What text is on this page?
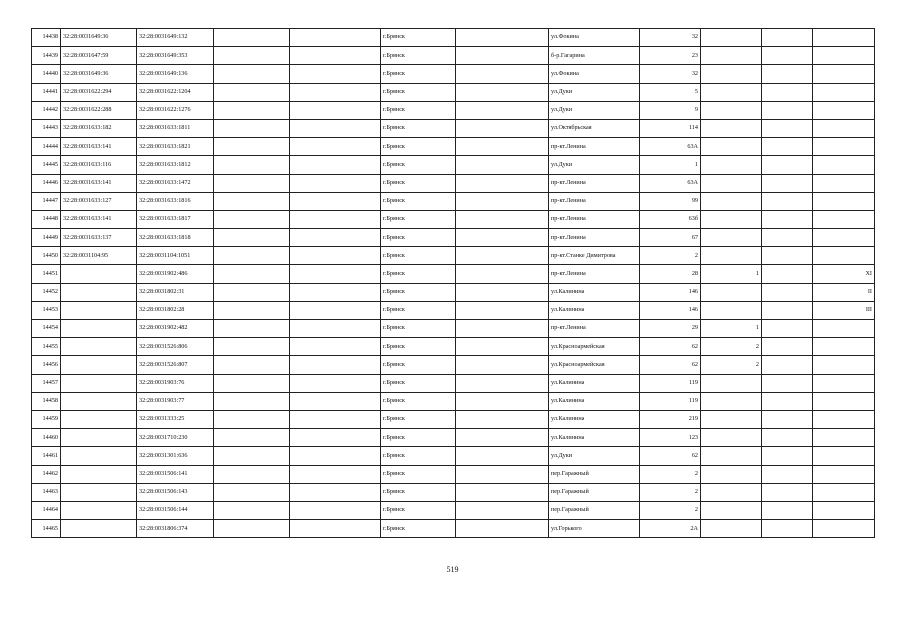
14438	32:28:0031649:36	32:28:0031649:132			г.Брянск		ул.Фокина	32			
14439	32:28:0031647:59	32:28:0031649:353			г.Брянск		б-р.Гагарина	23			
14440	32:28:0031649:36	32:28:0031649:136			г.Брянск		ул.Фокина	32			
14441	32:28:0031622:294	32:28:0031622:1204			г.Брянск		ул.Дуки	5			
14442	32:28:0031622:288	32:28:0031622:1276			г.Брянск		ул.Дуки	9			
14443	32:28:0031633:182	32:28:0031633:1811			г.Брянск		ул.Октябрьская	114			
14444	32:28:0031633:141	32:28:0031633:1821			г.Брянск		пр-кт.Ленина	63А			
14445	32:28:0031633:116	32:28:0031633:1812			г.Брянск		ул.Дуки	1			
14446	32:28:0031633:141	32:28:0031633:1472			г.Брянск		пр-кт.Ленина	63А			
14447	32:28:0031633:127	32:28:0031633:1816			г.Брянск		пр-кт.Ленина	99			
14448	32:28:0031633:141	32:28:0031633:1817			г.Брянск		пр-кт.Ленина	63б			
14449	32:28:0031633:137	32:28:0031633:1818			г.Брянск		пр-кт.Ленина	67			
14450	32:28:0031104:95	32:28:0031104:1051			г.Брянск		пр-кт.Станке Димитрова	2			
14451		32:28:0031902:486			г.Брянск		пр-кт.Ленина	28	1		XI
14452		32:28:0031802:31			г.Брянск		ул.Калинина	146			II
14453		32:28:0031802:28			г.Брянск		ул.Калинина	146			III
14454		32:28:0031902:482			г.Брянск		пр-кт.Ленина	29	1		
14455		32:28:0031526:806			г.Брянск		ул.Красноармейская	62	2		
14456		32:28:0031526:807			г.Брянск		ул.Красноармейская	62	2		
14457		32:28:0031903:76			г.Брянск		ул.Калинина	119			
14458		32:28:0031903:77			г.Брянск		ул.Калинина	119			
14459		32:28:0031333:25			г.Брянск		ул.Калинина	219			
14460		32:28:0031710:230			г.Брянск		ул.Калинина	123			
14461		32:28:0031301:636			г.Брянск		ул.Дуки	62			
14462		32:28:0031506:141			г.Брянск		пер.Гаражный	2			
14463		32:28:0031506:143			г.Брянск		пер.Гаражный	2			
14464		32:28:0031506:144			г.Брянск		пер.Гаражный	2			
14465		32:28:0031806:374			г.Брянск		ул.Горького	2А			
519
